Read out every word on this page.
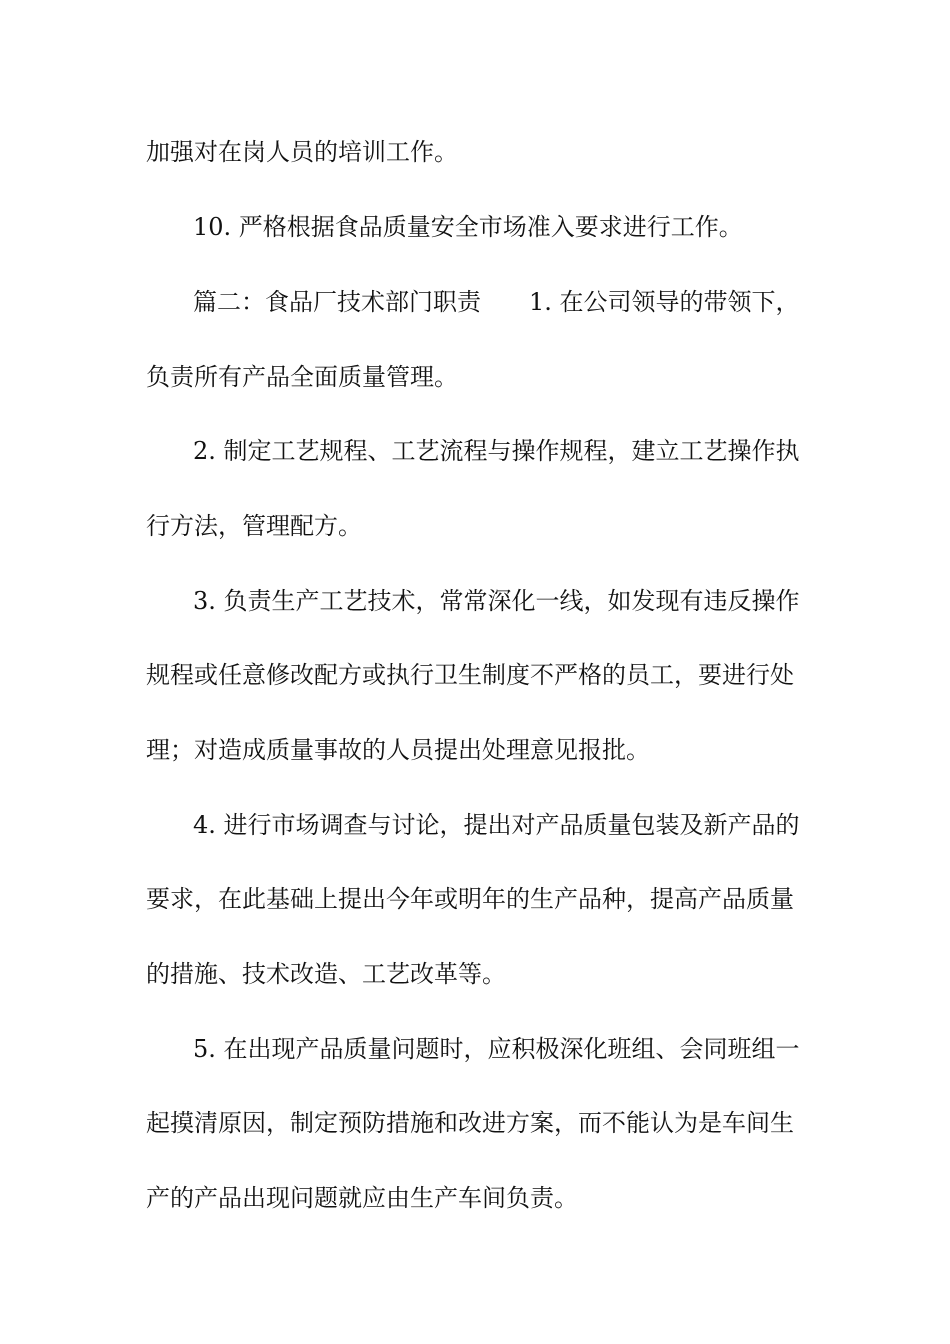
加强对在岗人员的培训工作。
10. 严格根据食品质量安全市场准入要求进行工作。
篇二：食品厂技术部门职责　　1. 在公司领导的带领下，
负责所有产品全面质量管理。
2. 制定工艺规程、工艺流程与操作规程，建立工艺操作执
行方法，管理配方。
3. 负责生产工艺技术，常常深化一线，如发现有违反操作
规程或任意修改配方或执行卫生制度不严格的员工，要进行处
理；对造成质量事故的人员提出处理意见报批。
4. 进行市场调查与讨论，提出对产品质量包装及新产品的
要求，在此基础上提出今年或明年的生产品种，提高产品质量
的措施、技术改造、工艺改革等。
5. 在出现产品质量问题时，应积极深化班组、会同班组一
起摸清原因，制定预防措施和改进方案，而不能认为是车间生
产的产品出现问题就应由生产车间负责。
